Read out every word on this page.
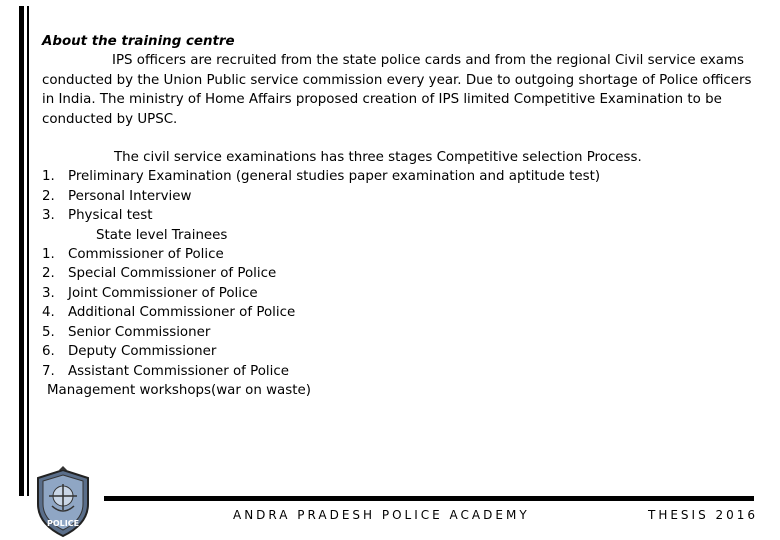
About the training centre

IPS officers are recruited from the state police cards and from the regional Civil service exams conducted by the Union Public service commission every year. Due to outgoing shortage of Police officers in India. The ministry of Home Affairs proposed creation of IPS limited Competitive Examination to be conducted by UPSC.

The civil service examinations has three stages Competitive selection Process.
1. Preliminary Examination (general studies paper examination and aptitude test)
2. Personal Interview
3. Physical test
State level Trainees
1. Commissioner of Police
2. Special Commissioner of Police
3. Joint Commissioner of Police
4. Additional Commissioner of Police
5. Senior Commissioner
6. Deputy Commissioner
7. Assistant Commissioner of Police
Management workshops(war on waste)
POLICE
ANDRA PRADESH POLICE ACADEMY	THESIS 2016
